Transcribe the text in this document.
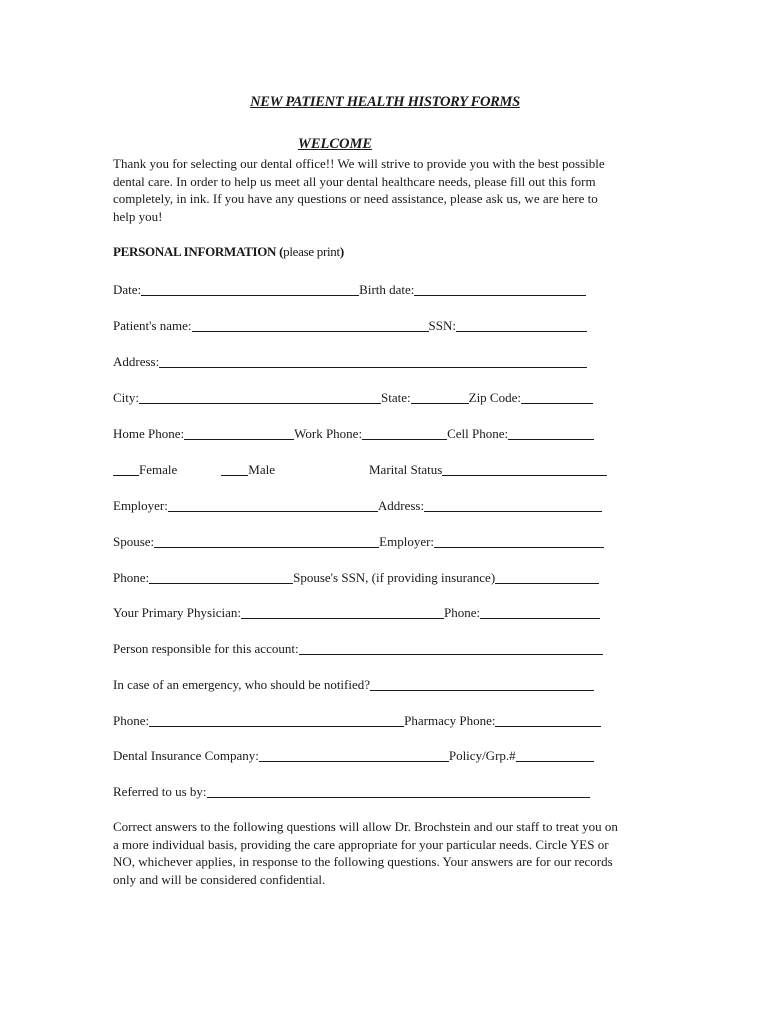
NEW PATIENT HEALTH HISTORY FORMS
WELCOME
Thank you for selecting our dental office!! We will strive to provide you with the best possible dental care. In order to help us meet all your dental healthcare needs, please fill out this form completely, in ink. If you have any questions or need assistance, please ask us, we are here to help you!
PERSONAL INFORMATION (please print)
Date:	Birth date:
Patient's name:	SSN:
Address:
City:	State:	Zip Code:
Home Phone:	Work Phone:	Cell Phone:
Female	Male	Marital Status
Employer:	Address:
Spouse:	Employer:
Phone:	Spouse's SSN, (if providing insurance)
Your Primary Physician:	Phone:
Person responsible for this account:
In case of an emergency, who should be notified?
Phone:	Pharmacy Phone:
Dental Insurance Company:	Policy/Grp.#
Referred to us by:
Correct answers to the following questions will allow Dr. Brochstein and our staff to treat you on a more individual basis, providing the care appropriate for your particular needs. Circle YES or NO, whichever applies, in response to the following questions. Your answers are for our records only and will be considered confidential.
